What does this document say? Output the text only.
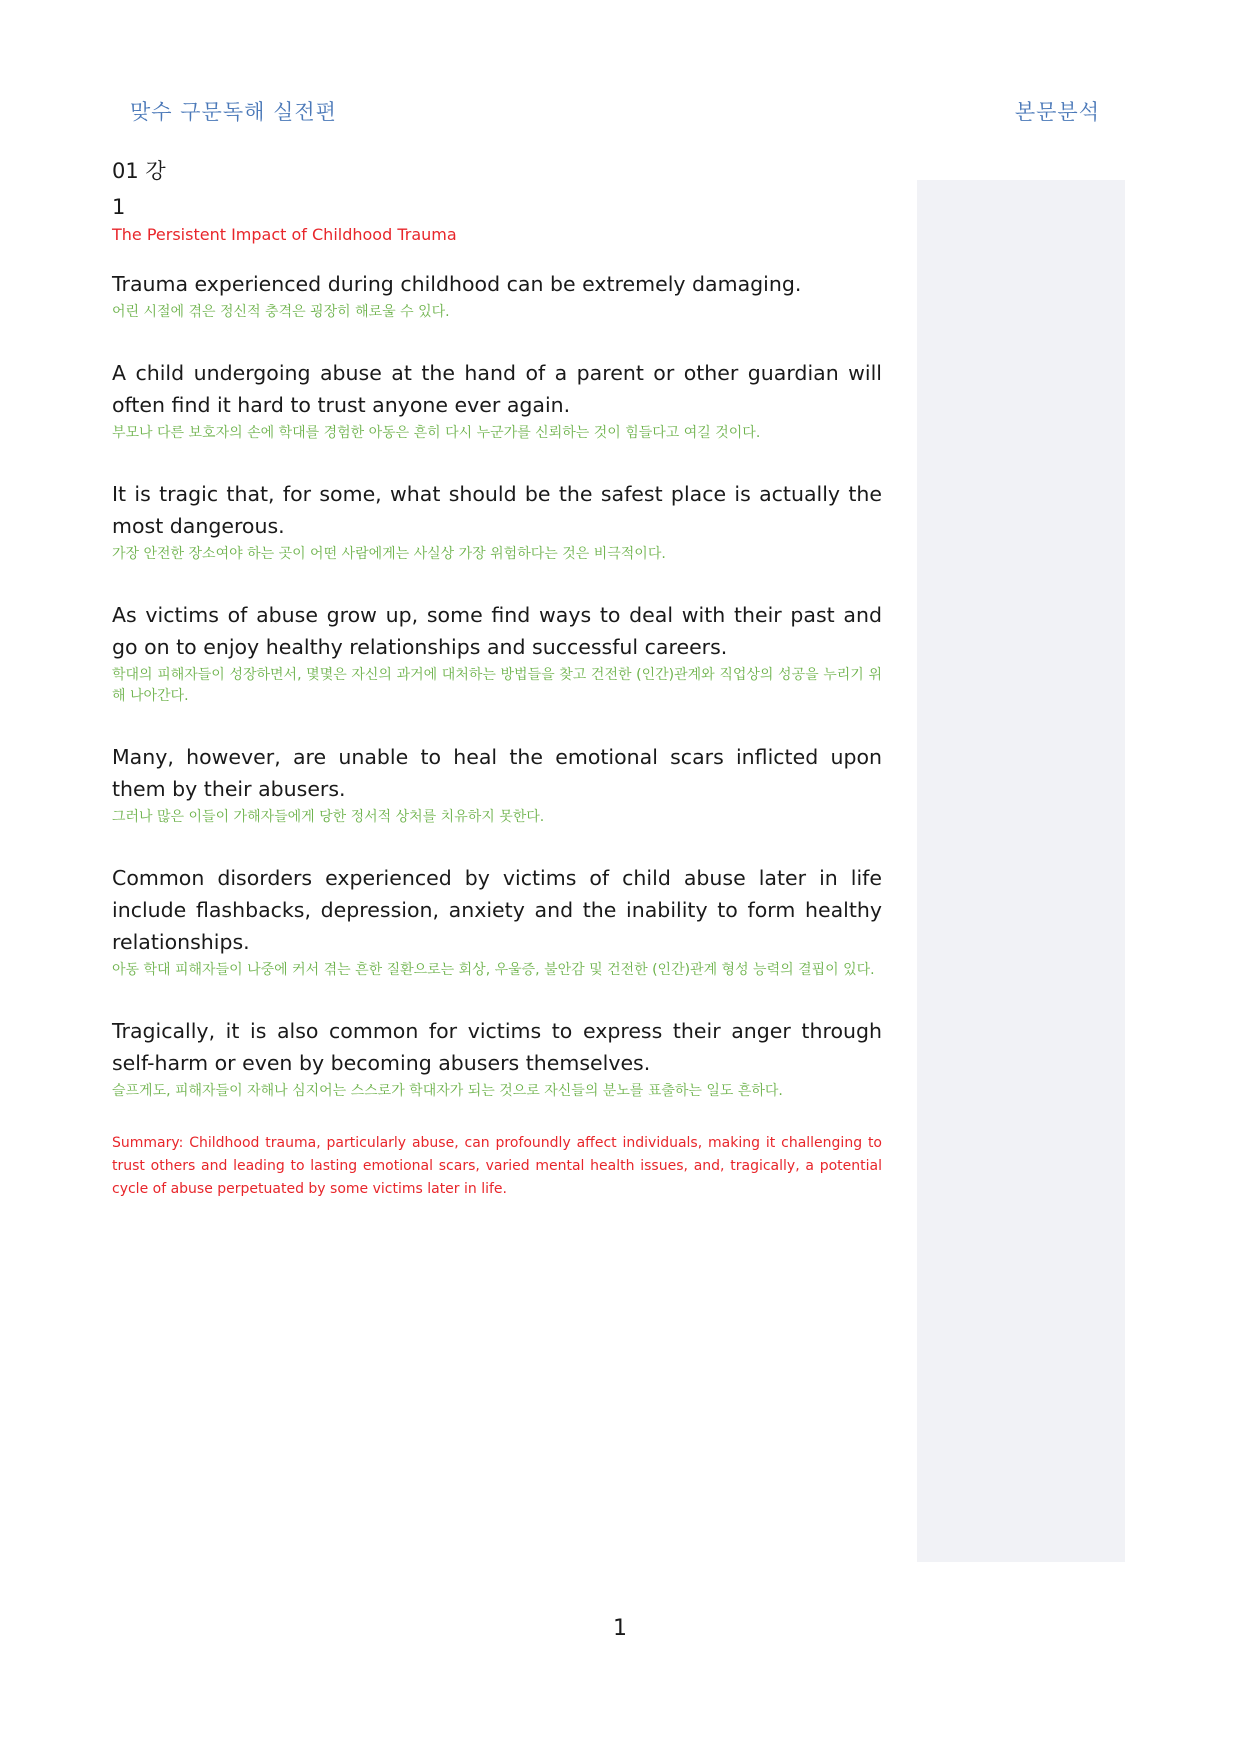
맞수 구문독해 실전편	본문분석
01 강
1
The Persistent Impact of Childhood Trauma
Trauma experienced during childhood can be extremely damaging.
어린 시절에 겪은 정신적 충격은 굉장히 해로울 수 있다.
A child undergoing abuse at the hand of a parent or other guardian will often find it hard to trust anyone ever again.
부모나 다른 보호자의 손에 학대를 경험한 아동은 흔히 다시 누군가를 신뢰하는 것이 힘들다고 여길 것이다.
It is tragic that, for some, what should be the safest place is actually the most dangerous.
가장 안전한 장소여야 하는 곳이 어떤 사람에게는 사실상 가장 위험하다는 것은 비극적이다.
As victims of abuse grow up, some find ways to deal with their past and go on to enjoy healthy relationships and successful careers.
학대의 피해자들이 성장하면서, 몇몇은 자신의 과거에 대처하는 방법들을 찾고 건전한 (인간)관계와 직업상의 성공을 누리기 위해 나아간다.
Many, however, are unable to heal the emotional scars inflicted upon them by their abusers.
그러나 많은 이들이 가해자들에게 당한 정서적 상처를 치유하지 못한다.
Common disorders experienced by victims of child abuse later in life include flashbacks, depression, anxiety and the inability to form healthy relationships.
아동 학대 피해자들이 나중에 커서 겪는 흔한 질환으로는 회상, 우울증, 불안감 및 건전한 (인간)관계 형성 능력의 결핍이 있다.
Tragically, it is also common for victims to express their anger through self-harm or even by becoming abusers themselves.
슬프게도, 피해자들이 자해나 심지어는 스스로가 학대자가 되는 것으로 자신들의 분노를 표출하는 일도 흔하다.
Summary: Childhood trauma, particularly abuse, can profoundly affect individuals, making it challenging to trust others and leading to lasting emotional scars, varied mental health issues, and, tragically, a potential cycle of abuse perpetuated by some victims later in life.
1
